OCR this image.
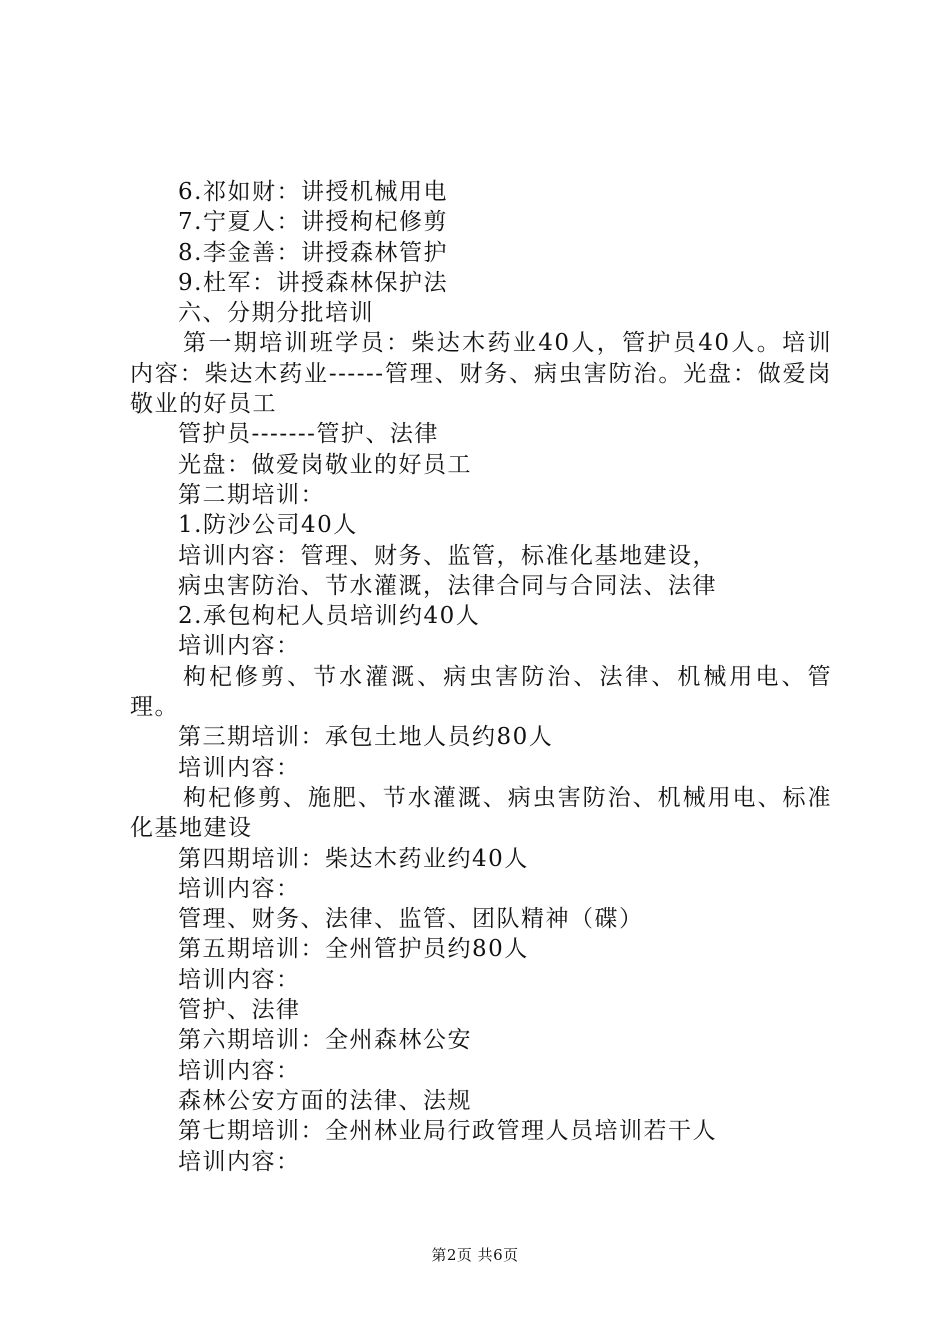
6.祁如财：讲授机械用电

7.宁夏人：讲授枸杞修剪

8.李金善：讲授森林管护

9.杜军：讲授森林保护法

六、分期分批培训

第一期培训班学员：柴达木药业40人，管护员40人。培训内容：柴达木药业------管理、财务、病虫害防治。光盘：做爱岗敬业的好员工

管护员-------管护、法律

光盘：做爱岗敬业的好员工

第二期培训：

1.防沙公司40人

培训内容：管理、财务、监管，标准化基地建设，

病虫害防治、节水灌溉，法律合同与合同法、法律

2.承包枸杞人员培训约40人

培训内容：

枸杞修剪、节水灌溉、病虫害防治、法律、机械用电、管理。

第三期培训：承包土地人员约80人

培训内容：

枸杞修剪、施肥、节水灌溉、病虫害防治、机械用电、标准化基地建设

第四期培训：柴达木药业约40人

培训内容：

管理、财务、法律、监管、团队精神（碟）

第五期培训：全州管护员约80人

培训内容：

管护、法律

第六期培训：全州森林公安

培训内容：

森林公安方面的法律、法规

第七期培训：全州林业局行政管理人员培训若干人

培训内容：

第2页 共6页
